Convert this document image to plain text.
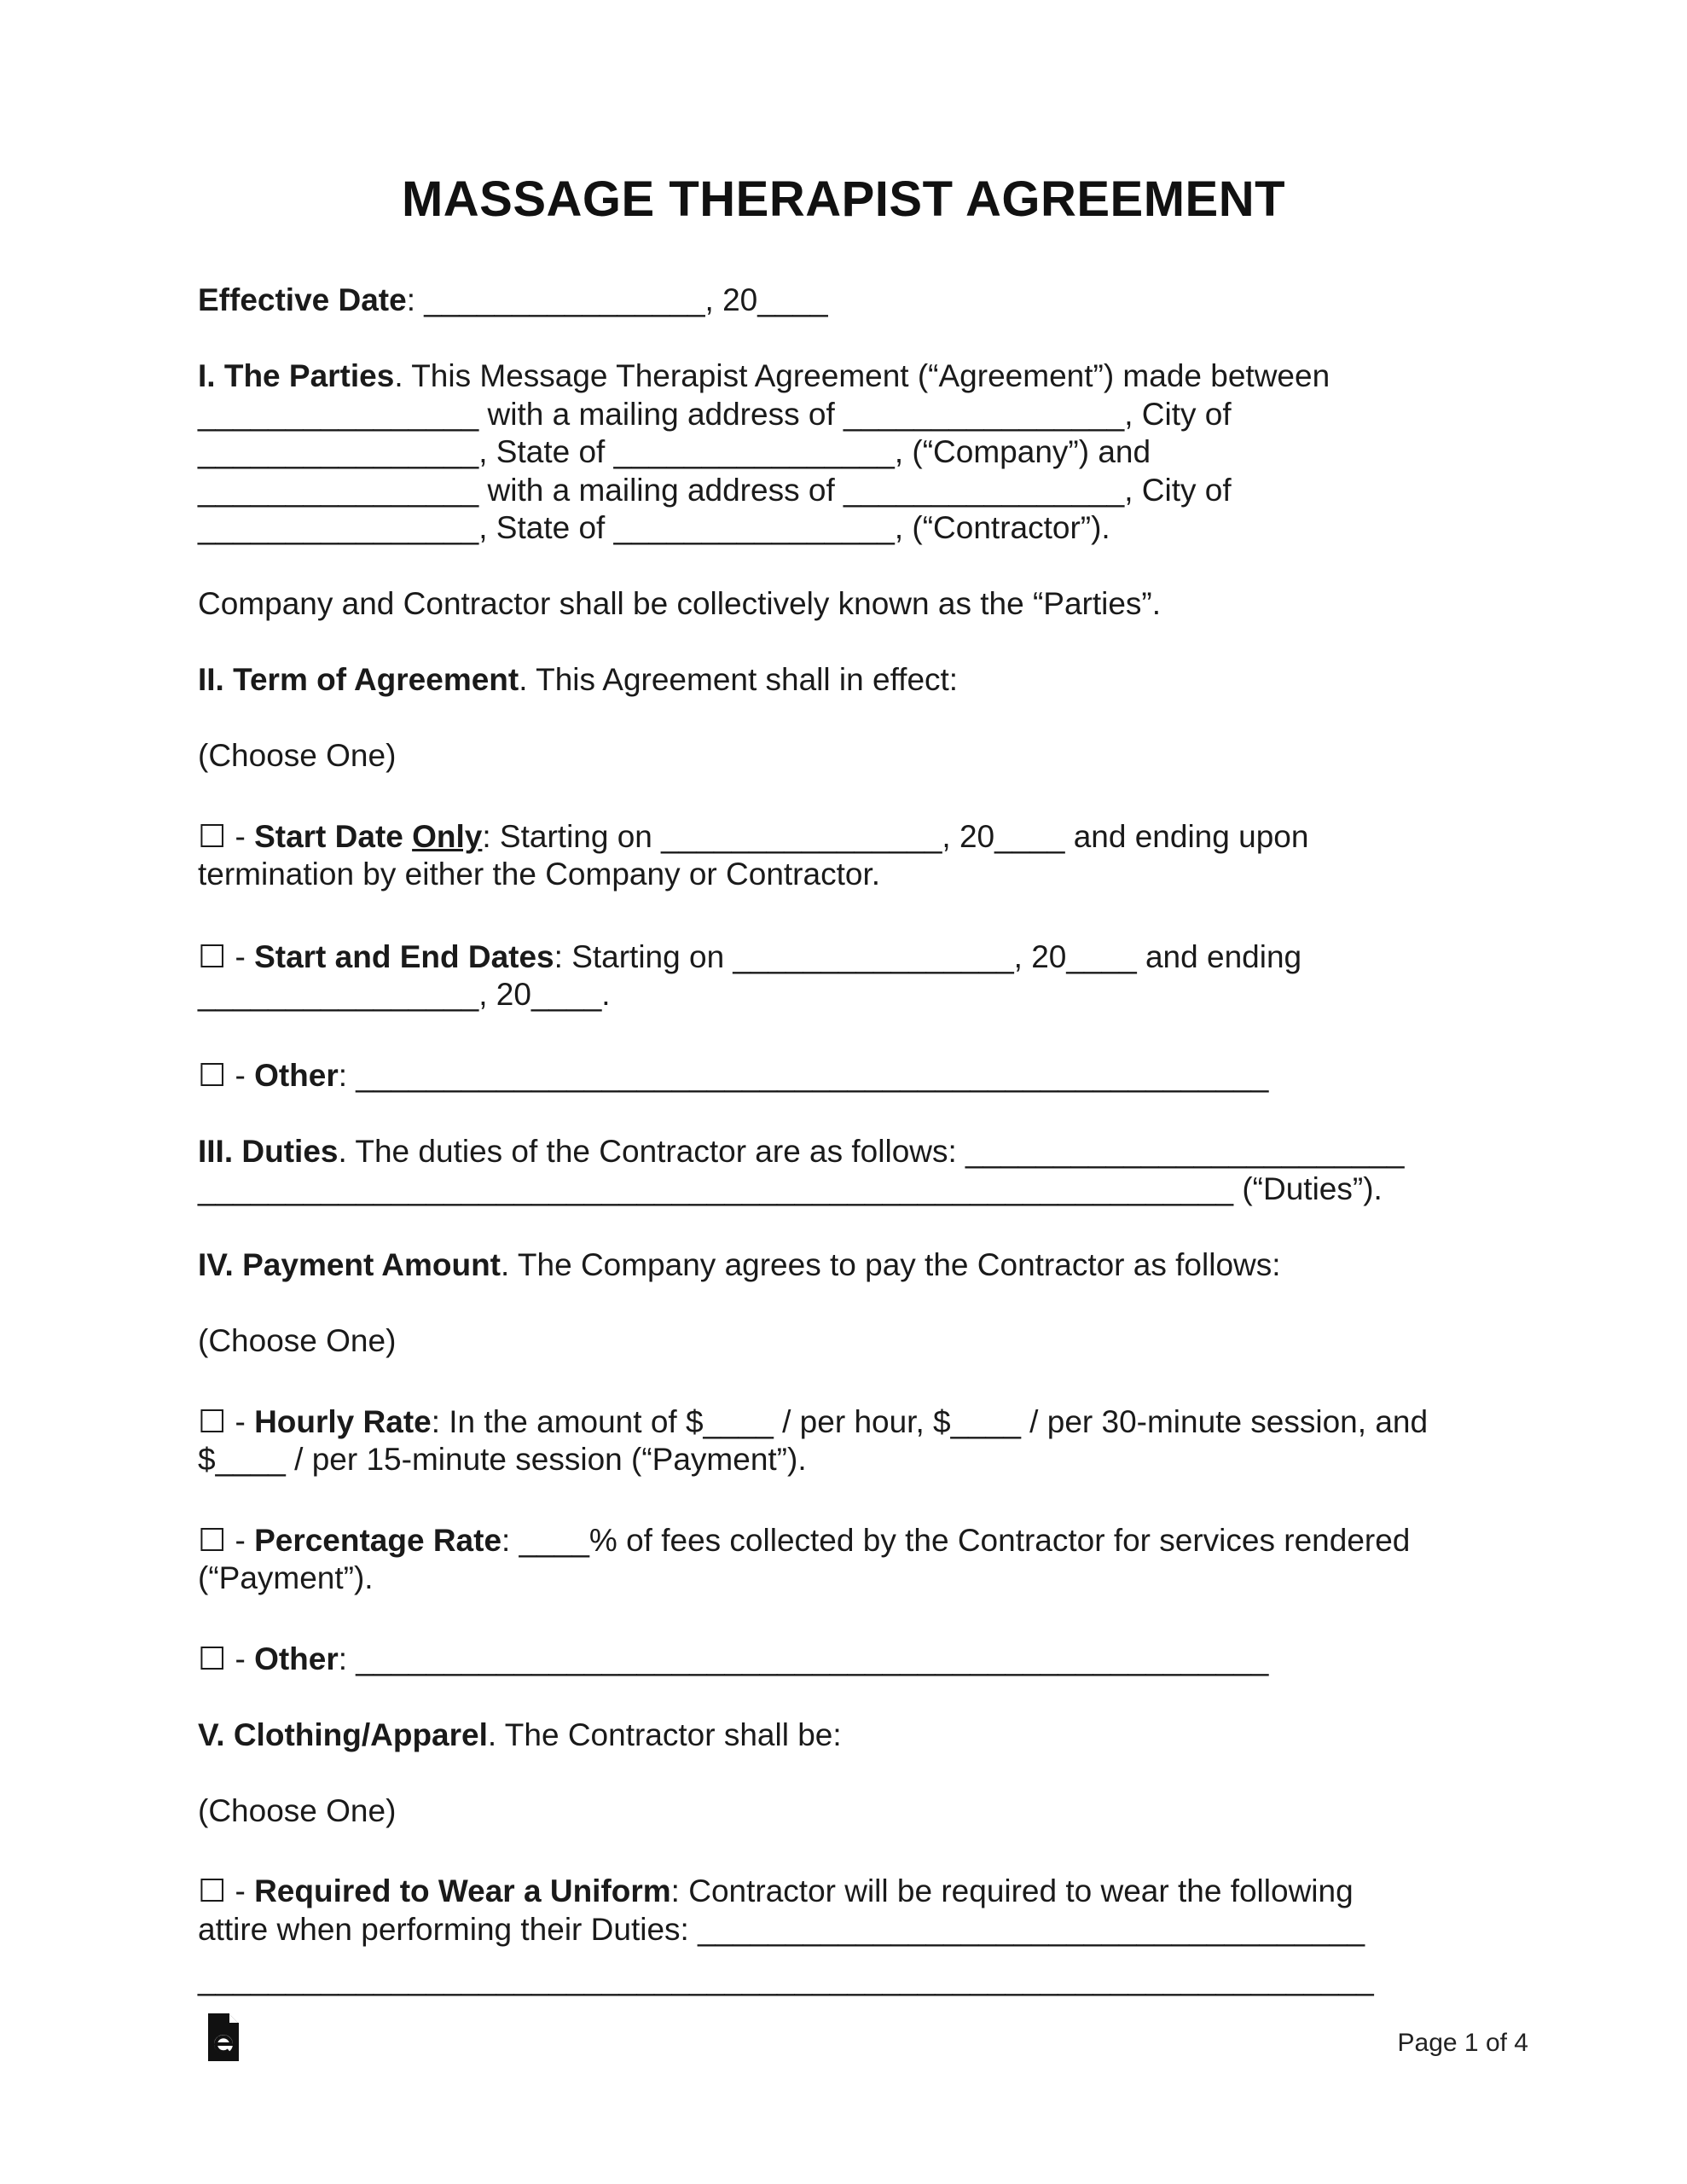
MASSAGE THERAPIST AGREEMENT

Effective Date: ________________, 20____

I. The Parties. This Message Therapist Agreement (“Agreement”) made between

________________ with a mailing address of ________________, City of

________________, State of ________________, (“Company”) and

________________ with a mailing address of ________________, City of

________________, State of ________________, (“Contractor”).

Company and Contractor shall be collectively known as the “Parties”.

II. Term of Agreement. This Agreement shall in effect:

(Choose One)

☐ - Start Date Only: Starting on ________________, 20____ and ending upon

termination by either the Company or Contractor.

☐ - Start and End Dates: Starting on ________________, 20____ and ending

________________, 20____.

☐ - Other: ____________________________________________________

III. Duties. The duties of the Contractor are as follows: _________________________

___________________________________________________________ (“Duties”).

IV. Payment Amount. The Company agrees to pay the Contractor as follows:

(Choose One)

☐ - Hourly Rate: In the amount of $____ / per hour, $____ / per 30-minute session, and

$____ / per 15-minute session (“Payment”).

☐ - Percentage Rate: ____% of fees collected by the Contractor for services rendered

(“Payment”).

☐ - Other: ____________________________________________________

V. Clothing/Apparel. The Contractor shall be:

(Choose One)

☐ - Required to Wear a Uniform: Contractor will be required to wear the following

attire when performing their Duties: ______________________________________

___________________________________________________________________

Page 1 of 4
